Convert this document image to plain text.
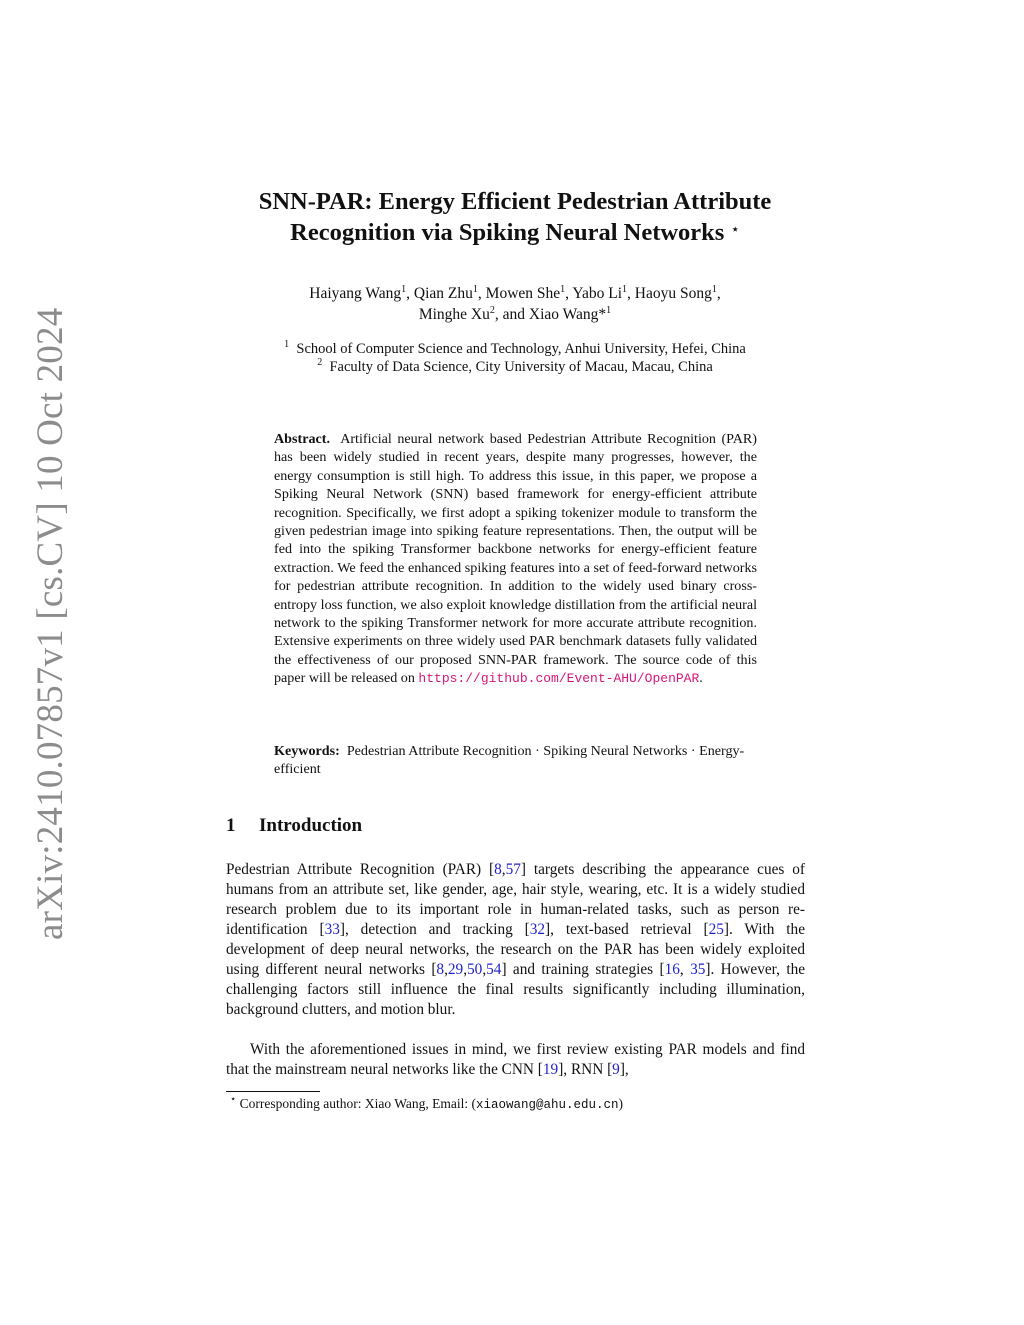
arXiv:2410.07857v1 [cs.CV] 10 Oct 2024
SNN-PAR: Energy Efficient Pedestrian Attribute
Recognition via Spiking Neural Networks ⋆
Haiyang Wang$^1$, Qian Zhu$^1$, Mowen She$^1$, Yabo Li$^1$, Haoyu Song$^1$,
Minghe Xu$^2$, and Xiao Wang*$^1$
$^1$ School of Computer Science and Technology, Anhui University, Hefei, China
$^2$ Faculty of Data Science, City University of Macau, Macau, China
Abstract. Artificial neural network based Pedestrian Attribute Recognition (PAR) has been widely studied in recent years, despite many progresses, however, the energy consumption is still high. To address this issue, in this paper, we propose a Spiking Neural Network (SNN) based framework for energy-efficient attribute recognition. Specifically, we first adopt a spiking tokenizer module to transform the given pedestrian image into spiking feature representations. Then, the output will be fed into the spiking Transformer backbone networks for energy-efficient feature extraction. We feed the enhanced spiking features into a set of feed-forward networks for pedestrian attribute recognition. In addition to the widely used binary cross-entropy loss function, we also exploit knowledge distillation from the artificial neural network to the spiking Transformer network for more accurate attribute recognition. Extensive experiments on three widely used PAR benchmark datasets fully validated the effectiveness of our proposed SNN-PAR framework. The source code of this paper will be released on https://github.com/Event-AHU/OpenPAR.
Keywords: Pedestrian Attribute Recognition · Spiking Neural Networks · Energy-efficient
1 Introduction

Pedestrian Attribute Recognition (PAR) [8,57] targets describing the appearance cues of humans from an attribute set, like gender, age, hair style, wearing, etc. It is a widely studied research problem due to its important role in human-related tasks, such as person re-identification [33], detection and tracking [32], text-based retrieval [25]. With the development of deep neural networks, the research on the PAR has been widely exploited using different neural networks [8,29,50,54] and training strategies [16, 35]. However, the challenging factors still influence the final results significantly including illumination, background clutters, and motion blur.

With the aforementioned issues in mind, we first review existing PAR models and find that the mainstream neural networks like the CNN [19], RNN [9],

⋆ Corresponding author: Xiao Wang, Email: (xiaowang@ahu.edu.cn)
